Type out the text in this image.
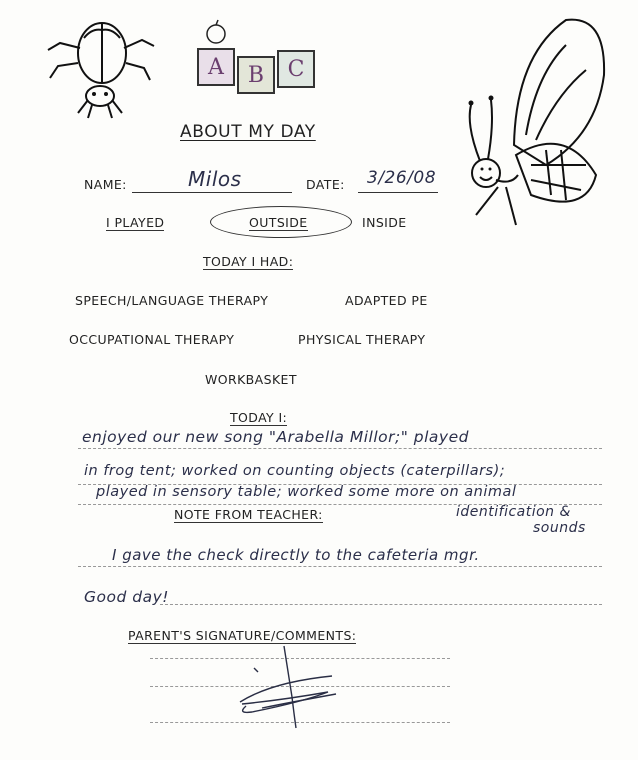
A B C
ABOUT MY DAY
NAME:	Milos	DATE: 3/26/08
I PLAYED	OUTSIDE	INSIDE
TODAY I HAD:
SPEECH/LANGUAGE THERAPY	ADAPTED PE
OCCUPATIONAL THERAPY	PHYSICAL THERAPY
WORKBASKET
TODAY I:
enjoyed our new song "Arabella Millor;" played
in frog tent; worked on counting objects (caterpillars);
played in sensory table; worked some more on animal
identification &
sounds
NOTE FROM TEACHER:
I gave the check directly to the cafeteria mgr.
Good day!
PARENT'S SIGNATURE/COMMENTS:
